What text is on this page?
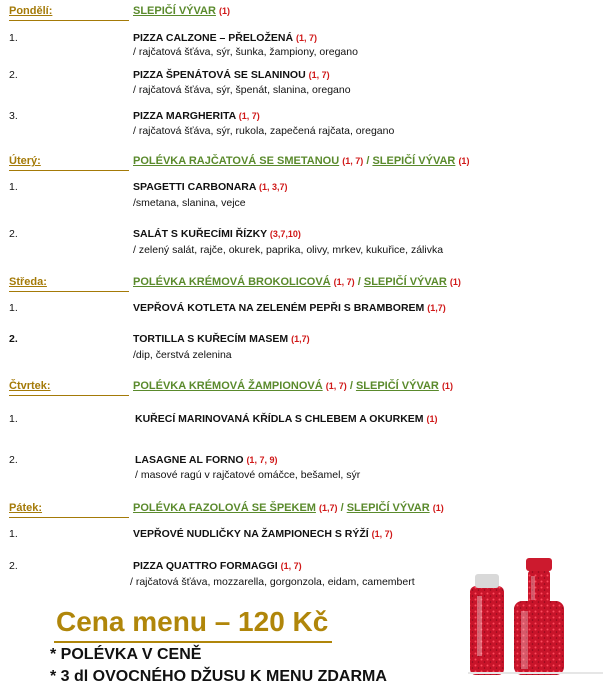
Pondělí:	SLEPIČÍ VÝVAR (1)
1.	PIZZA CALZONE – PŘELOŽENÁ (1, 7)
/ rajčatová šťáva, sýr, šunka, žampiony, oregano
2.	PIZZA ŠPENÁTOVÁ SE SLANINOU (1, 7)
/ rajčatová šťáva, sýr, špenát, slanina, oregano
3.	PIZZA MARGHERITA (1, 7)
/ rajčatová šťáva, sýr, rukola, zapečená rajčata, oregano
Úterý:	POLÉVKA RAJČATOVÁ SE SMETANOU (1, 7) / SLEPIČÍ VÝVAR (1)
1.	SPAGETTI CARBONARA (1, 3,7)
/smetana, slanina, vejce
2.	SALÁT S KUŘECÍMI ŘÍZKY (3,7,10)
/ zelený salát, rajče, okurek, paprika, olivy, mrkev, kukuřice, zálivka
Středa:	POLÉVKA KRÉMOVÁ BROKOLICOVÁ (1, 7) / SLEPIČÍ VÝVAR (1)
1.	VEPŘOVÁ KOTLETA NA ZELENÉM PEPŘI S BRAMBOREM (1,7)
2.	TORTILLA S KUŘECÍM MASEM (1,7)
/dip, čerstvá zelenina
Čtvrtek:	POLÉVKA KRÉMOVÁ ŽAMPIONOVÁ (1, 7) / SLEPIČÍ VÝVAR (1)
1.	KUŘECÍ MARINOVANÁ KŘÍDLA S CHLEBEM A OKURKEM (1)
2.	LASAGNE AL FORNO (1, 7, 9)
/ masové ragú v rajčatové omáčce, bešamel, sýr
Pátek:	POLÉVKA FAZOLOVÁ SE ŠPEKEM (1,7) / SLEPIČÍ VÝVAR (1)
1.	VEPŘOVÉ NUDLIČKY NA ŽAMPIONECH S RÝŽÍ (1, 7)
2.	PIZZA QUATTRO FORMAGGI (1, 7)
/ rajčatová šťáva, mozzarella, gorgonzola, eidam, camembert
Cena menu – 120 Kč
* POLÉVKA V CENĚ
* 3 dl OVOCNÉHO DŽUSU K MENU ZDARMA
